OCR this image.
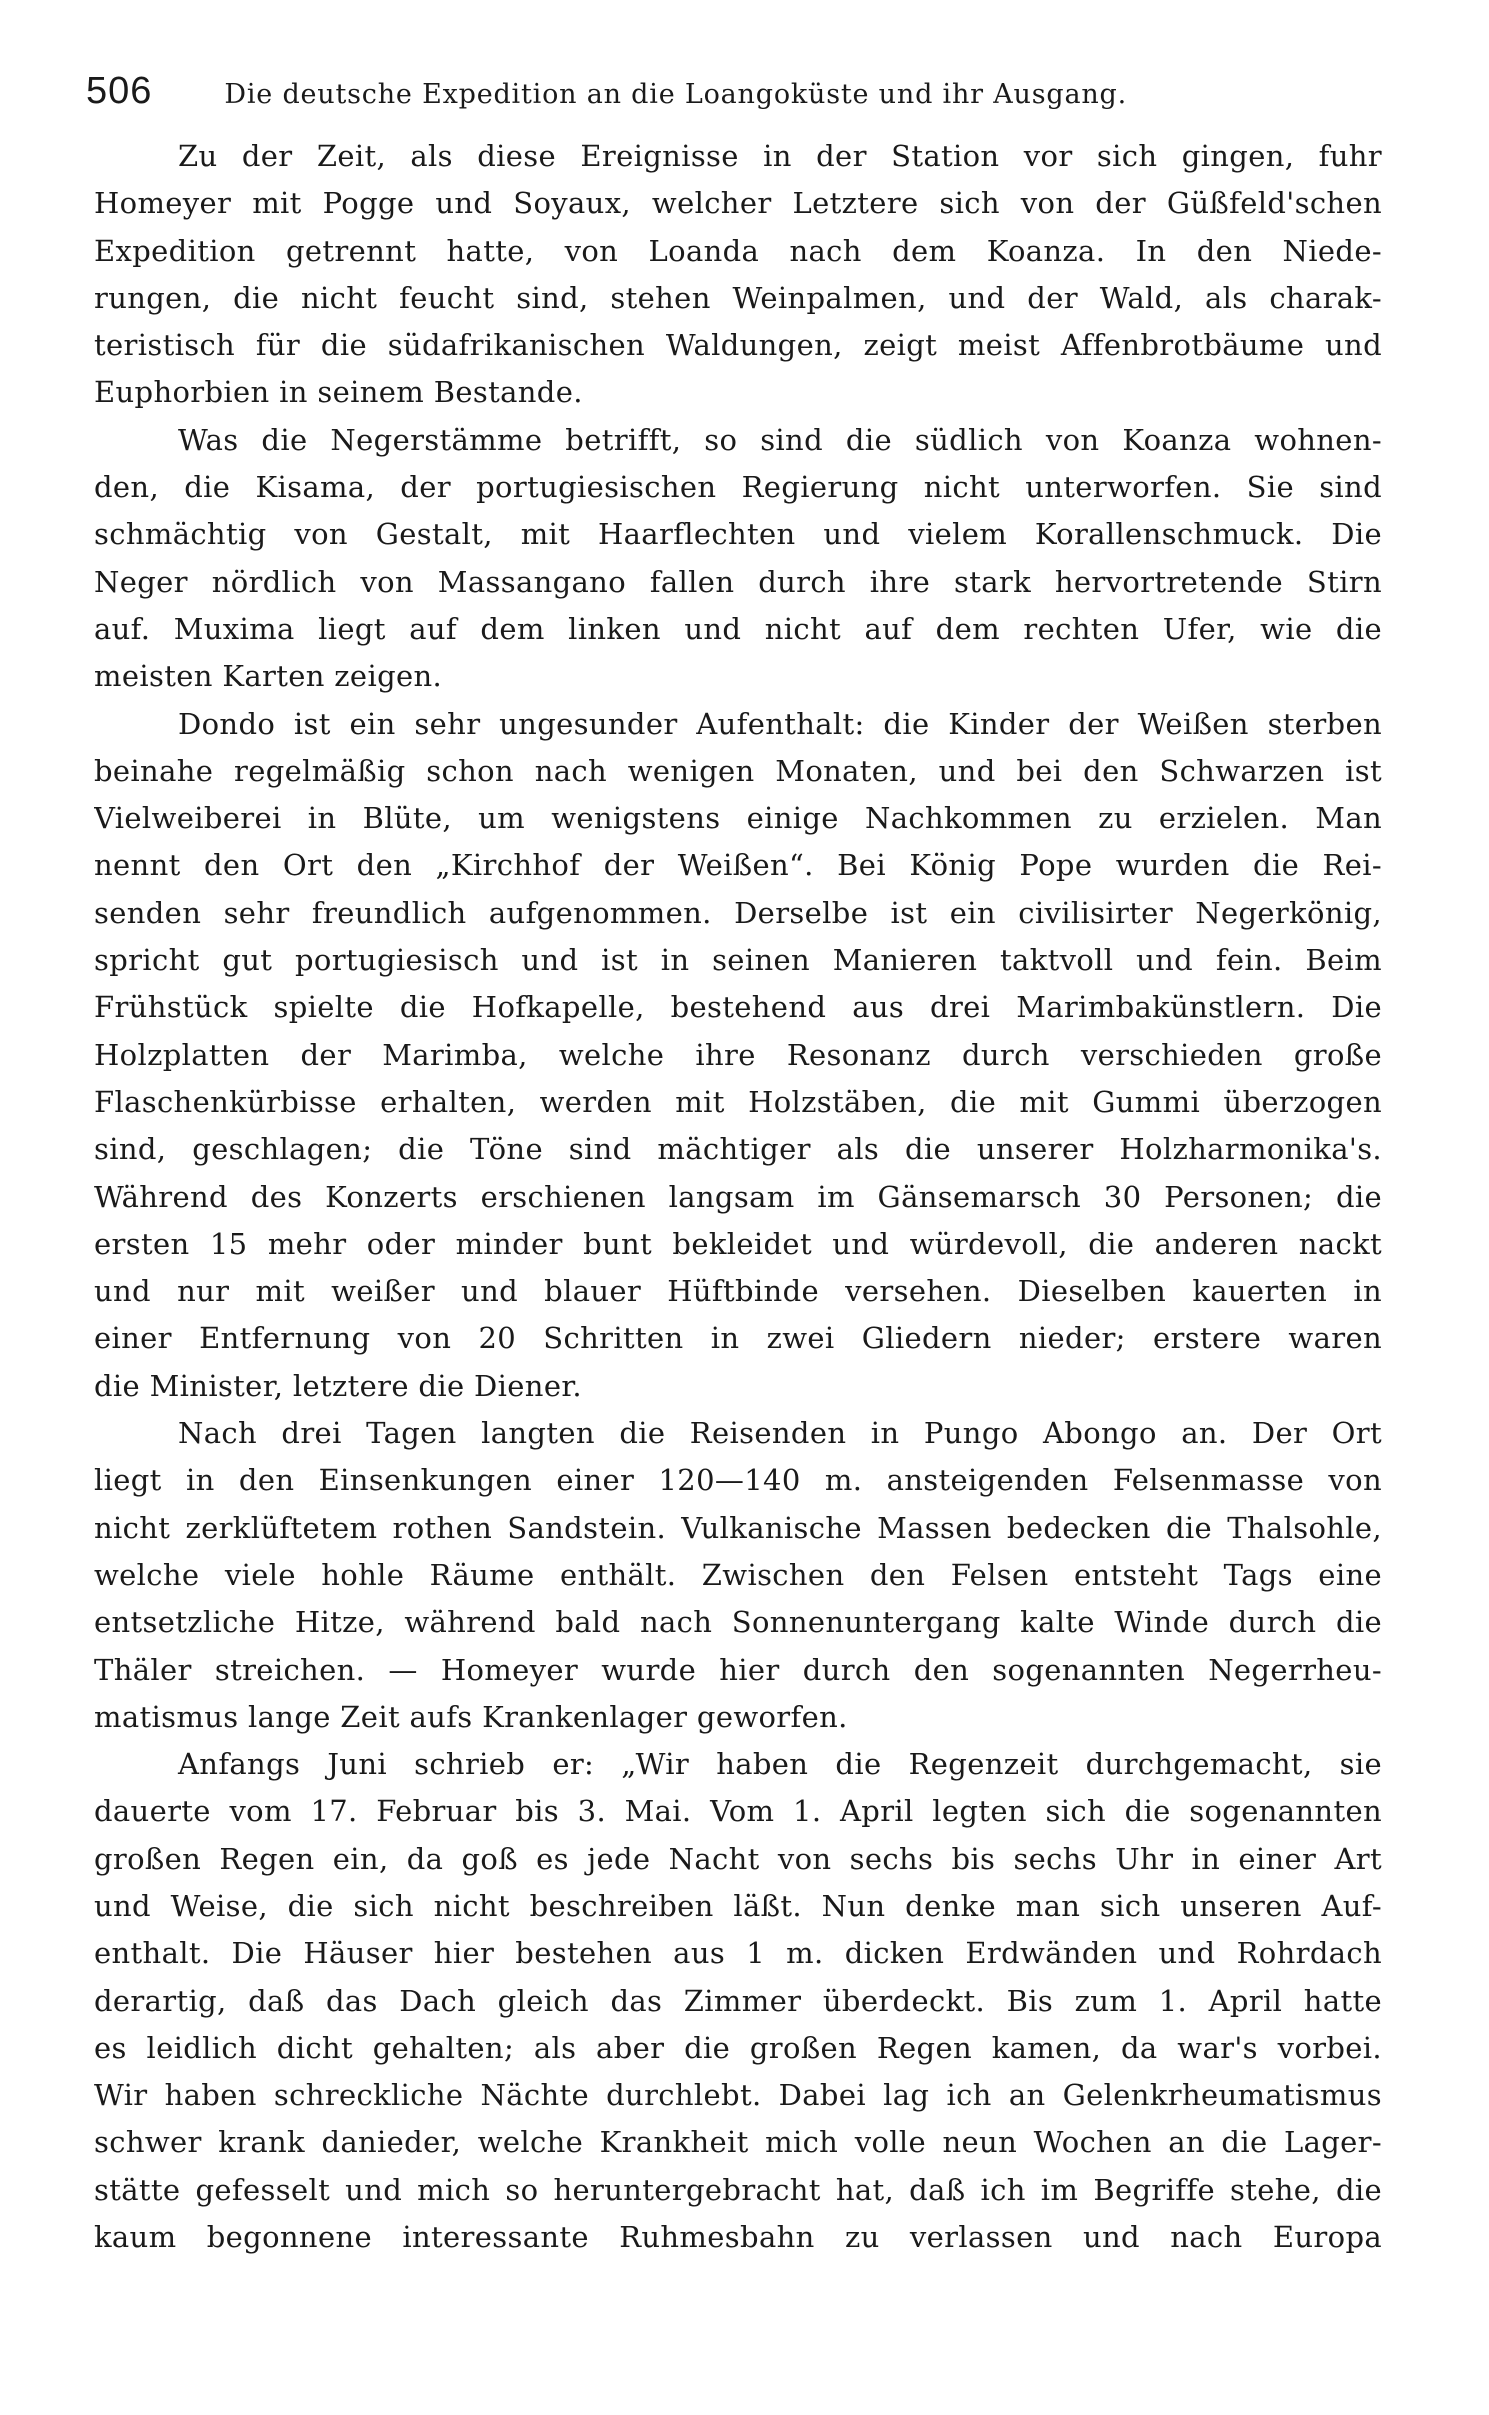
506	Die deutsche Expedition an die Loangoküste und ihr Ausgang.
Zu der Zeit, als diese Ereignisse in der Station vor sich gingen, fuhr
Homeyer mit Pogge und Soyaux, welcher Letztere sich von der Güßfeld'schen
Expedition getrennt hatte, von Loanda nach dem Koanza. In den Niede-
rungen, die nicht feucht sind, stehen Weinpalmen, und der Wald, als charak-
teristisch für die südafrikanischen Waldungen, zeigt meist Affenbrotbäume und
Euphorbien in seinem Bestande.
Was die Negerstämme betrifft, so sind die südlich von Koanza wohnen-
den, die Kisama, der portugiesischen Regierung nicht unterworfen. Sie sind
schmächtig von Gestalt, mit Haarflechten und vielem Korallenschmuck. Die
Neger nördlich von Massangano fallen durch ihre stark hervortretende Stirn
auf. Muxima liegt auf dem linken und nicht auf dem rechten Ufer, wie die
meisten Karten zeigen.
Dondo ist ein sehr ungesunder Aufenthalt: die Kinder der Weißen sterben
beinahe regelmäßig schon nach wenigen Monaten, und bei den Schwarzen ist
Vielweiberei in Blüte, um wenigstens einige Nachkommen zu erzielen. Man
nennt den Ort den „Kirchhof der Weißen“. Bei König Pope wurden die Rei-
senden sehr freundlich aufgenommen. Derselbe ist ein civilisirter Negerkönig,
spricht gut portugiesisch und ist in seinen Manieren taktvoll und fein. Beim
Frühstück spielte die Hofkapelle, bestehend aus drei Marimbakünstlern. Die
Holzplatten der Marimba, welche ihre Resonanz durch verschieden große
Flaschenkürbisse erhalten, werden mit Holzstäben, die mit Gummi überzogen
sind, geschlagen; die Töne sind mächtiger als die unserer Holzharmonika's.
Während des Konzerts erschienen langsam im Gänsemarsch 30 Personen; die
ersten 15 mehr oder minder bunt bekleidet und würdevoll, die anderen nackt
und nur mit weißer und blauer Hüftbinde versehen. Dieselben kauerten in
einer Entfernung von 20 Schritten in zwei Gliedern nieder; erstere waren
die Minister, letztere die Diener.
Nach drei Tagen langten die Reisenden in Pungo Abongo an. Der Ort
liegt in den Einsenkungen einer 120—140 m. ansteigenden Felsenmasse von
nicht zerklüftetem rothen Sandstein. Vulkanische Massen bedecken die Thalsohle,
welche viele hohle Räume enthält. Zwischen den Felsen entsteht Tags eine
entsetzliche Hitze, während bald nach Sonnenuntergang kalte Winde durch die
Thäler streichen. — Homeyer wurde hier durch den sogenannten Negerrheu-
matismus lange Zeit aufs Krankenlager geworfen.
Anfangs Juni schrieb er: „Wir haben die Regenzeit durchgemacht, sie
dauerte vom 17. Februar bis 3. Mai. Vom 1. April legten sich die sogenannten
großen Regen ein, da goß es jede Nacht von sechs bis sechs Uhr in einer Art
und Weise, die sich nicht beschreiben läßt. Nun denke man sich unseren Auf-
enthalt. Die Häuser hier bestehen aus 1 m. dicken Erdwänden und Rohrdach
derartig, daß das Dach gleich das Zimmer überdeckt. Bis zum 1. April hatte
es leidlich dicht gehalten; als aber die großen Regen kamen, da war's vorbei.
Wir haben schreckliche Nächte durchlebt. Dabei lag ich an Gelenkrheumatismus
schwer krank danieder, welche Krankheit mich volle neun Wochen an die Lager-
stätte gefesselt und mich so heruntergebracht hat, daß ich im Begriffe stehe, die
kaum begonnene interessante Ruhmesbahn zu verlassen und nach Europa
